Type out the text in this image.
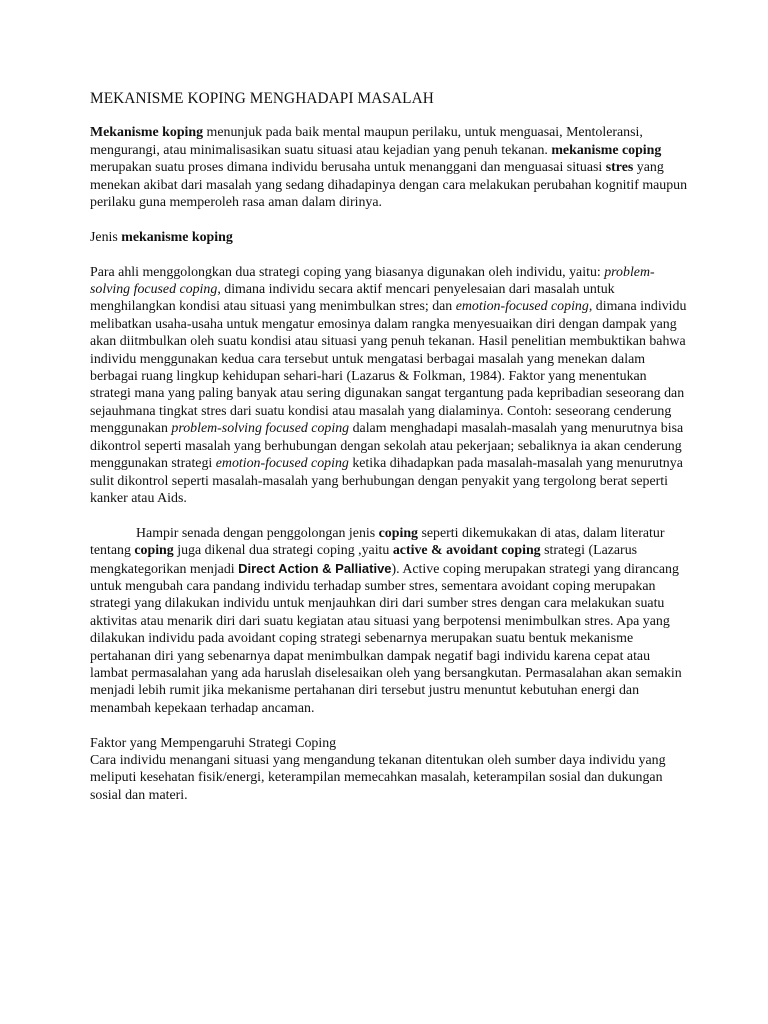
MEKANISME KOPING MENGHADAPI MASALAH

Mekanisme koping menunjuk pada baik mental maupun perilaku, untuk menguasai, Mentoleransi, mengurangi, atau minimalisasikan suatu situasi atau kejadian yang penuh tekanan. mekanisme coping merupakan suatu proses dimana individu berusaha untuk menanggani dan menguasai situasi stres yang menekan akibat dari masalah yang sedang dihadapinya dengan cara melakukan perubahan kognitif maupun perilaku guna memperoleh rasa aman dalam dirinya.

Jenis mekanisme koping

Para ahli menggolongkan dua strategi coping yang biasanya digunakan oleh individu, yaitu: problem-solving focused coping, dimana individu secara aktif mencari penyelesaian dari masalah untuk menghilangkan kondisi atau situasi yang menimbulkan stres; dan emotion-focused coping, dimana individu melibatkan usaha-usaha untuk mengatur emosinya dalam rangka menyesuaikan diri dengan dampak yang akan diitmbulkan oleh suatu kondisi atau situasi yang penuh tekanan. Hasil penelitian membuktikan bahwa individu menggunakan kedua cara tersebut untuk mengatasi berbagai masalah yang menekan dalam berbagai ruang lingkup kehidupan sehari-hari (Lazarus & Folkman, 1984). Faktor yang menentukan strategi mana yang paling banyak atau sering digunakan sangat tergantung pada kepribadian seseorang dan sejauhmana tingkat stres dari suatu kondisi atau masalah yang dialaminya. Contoh: seseorang cenderung menggunakan problem-solving focused coping dalam menghadapi masalah-masalah yang menurutnya bisa dikontrol seperti masalah yang berhubungan dengan sekolah atau pekerjaan; sebaliknya ia akan cenderung menggunakan strategi emotion-focused coping ketika dihadapkan pada masalah-masalah yang menurutnya sulit dikontrol seperti masalah-masalah yang berhubungan dengan penyakit yang tergolong berat seperti kanker atau Aids.

Hampir senada dengan penggolongan jenis coping seperti dikemukakan di atas, dalam literatur tentang coping juga dikenal dua strategi coping ,yaitu active & avoidant coping strategi (Lazarus mengkategorikan menjadi Direct Action & Palliative). Active coping merupakan strategi yang dirancang untuk mengubah cara pandang individu terhadap sumber stres, sementara avoidant coping merupakan strategi yang dilakukan individu untuk menjauhkan diri dari sumber stres dengan cara melakukan suatu aktivitas atau menarik diri dari suatu kegiatan atau situasi yang berpotensi menimbulkan stres. Apa yang dilakukan individu pada avoidant coping strategi sebenarnya merupakan suatu bentuk mekanisme pertahanan diri yang sebenarnya dapat menimbulkan dampak negatif bagi individu karena cepat atau lambat permasalahan yang ada haruslah diselesaikan oleh yang bersangkutan. Permasalahan akan semakin menjadi lebih rumit jika mekanisme pertahanan diri tersebut justru menuntut kebutuhan energi dan menambah kepekaan terhadap ancaman.

Faktor yang Mempengaruhi Strategi Coping

Cara individu menangani situasi yang mengandung tekanan ditentukan oleh sumber daya individu yang meliputi kesehatan fisik/energi, keterampilan memecahkan masalah, keterampilan sosial dan dukungan sosial dan materi.
